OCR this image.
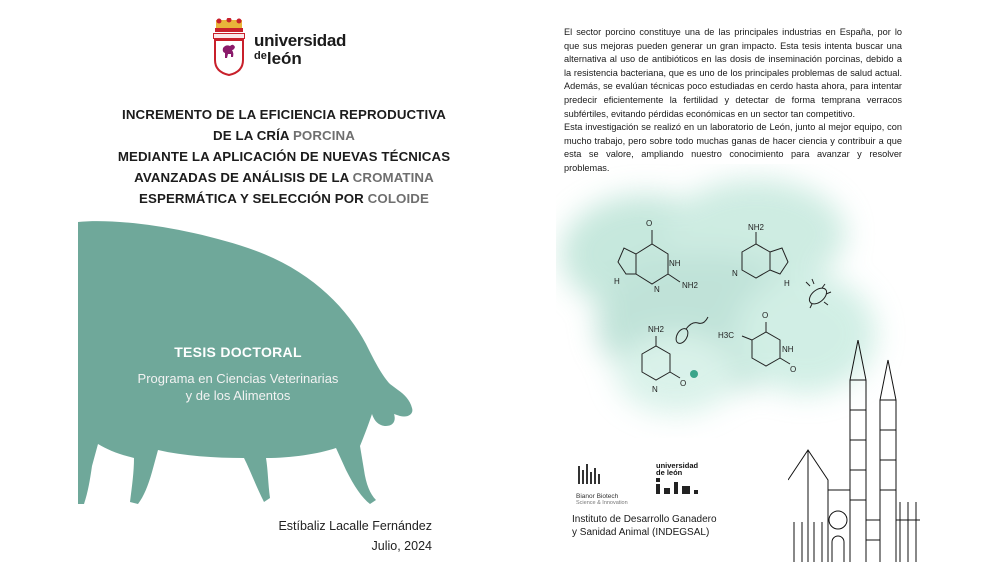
universidad
$^{de}$león
INCREMENTO DE LA EFICIENCIA REPRODUCTIVA
DE LA CRÍA PORCINA
MEDIANTE LA APLICACIÓN DE NUEVAS TÉCNICAS
AVANZADAS DE ANÁLISIS DE LA CROMATINA
ESPERMÁTICA Y SELECCIÓN POR COLOIDE
TESIS DOCTORAL
Programa en Ciencias Veterinarias
y de los Alimentos
Estíbaliz Lacalle Fernández
Julio, 2024

El sector porcino constituye una de las principales industrias en España, por lo que sus mejoras pueden generar un gran impacto. Esta tesis intenta buscar una alternativa al uso de antibióticos en las dosis de inseminación porcinas, debido a la resistencia bacteriana, que es uno de los principales problemas de salud actual. Además, se evalúan técnicas poco estudiadas en cerdo hasta ahora, para intentar predecir eficientemente la fertilidad y detectar de forma temprana verracos subfértiles, evitando pérdidas económicas en un sector tan competitivo.

Esta investigación se realizó en un laboratorio de León, junto al mejor equipo, con mucho trabajo, pero sobre todo muchas ganas de hacer ciencia y contribuir a que esta se valore, ampliando nuestro conocimiento para avanzar y resolver problemas.

O
NH2
NH
N
H
NH2
N
H
NH2
O
N
H3C
O
NH
O
Bianor Biotech
Science & Innovation
universidad
de león
Instituto de Desarrollo Ganadero
y Sanidad Animal (INDEGSAL)
